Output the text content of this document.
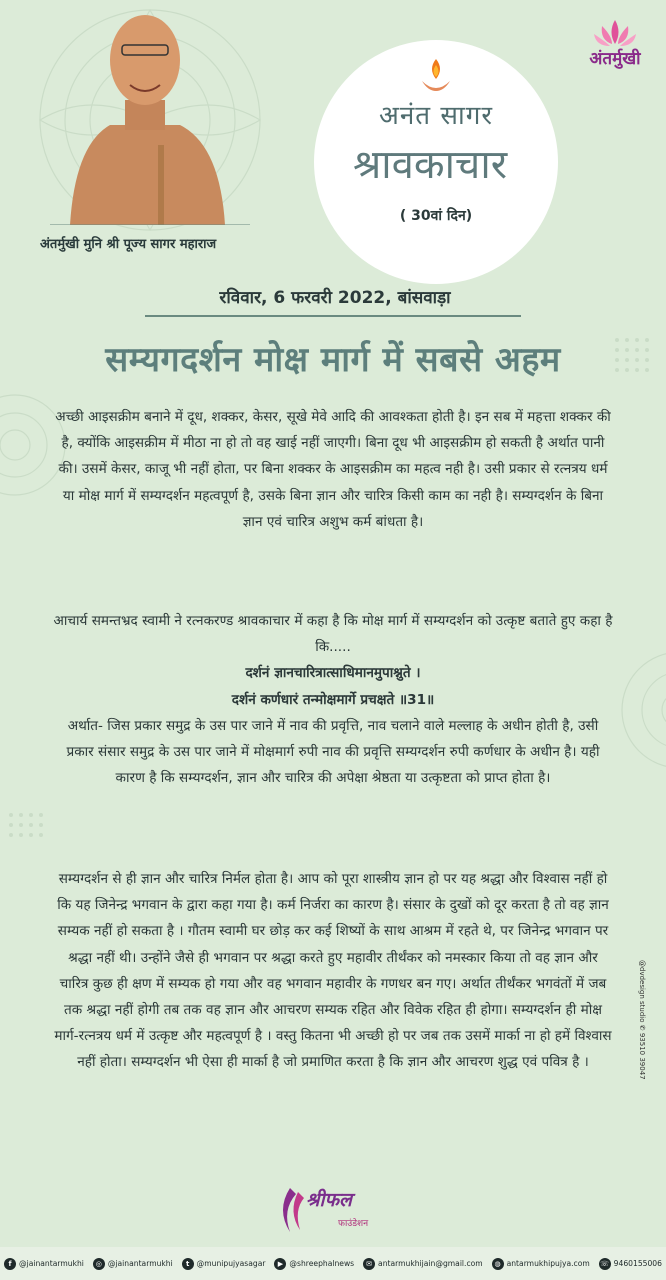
अंतर्मुखी मुनि श्री पूज्य सागर महाराज
अनंत सागर
श्रावकाचार
( 30वां दिन)
अंतर्मुखी
रविवार, 6 फरवरी 2022, बांसवाड़ा
सम्यगदर्शन मोक्ष मार्ग में सबसे अहम
अच्छी आइसक्रीम बनाने में दूध, शक्कर, केसर, सूखे मेवे आदि की आवश्कता होती है। इन सब में महत्ता शक्कर की है, क्योंकि आइसक्रीम में मीठा ना हो तो वह खाई नहीं जाएगी। बिना दूध भी आइसक्रीम हो सकती है अर्थात पानी की। उसमें केसर, काजू भी नहीं होता, पर बिना शक्कर के आइसक्रीम का महत्व नही है। उसी प्रकार से रत्नत्रय धर्म या मोक्ष मार्ग में सम्यग्दर्शन महत्वपूर्ण है, उसके बिना ज्ञान और चारित्र किसी काम का नही है। सम्यग्दर्शन के बिना ज्ञान एवं चारित्र अशुभ कर्म बांधता है।
आचार्य समन्तभ्रद स्वामी ने रत्नकरण्ड श्रावकाचार में कहा है कि मोक्ष मार्ग में सम्यग्दर्शन को उत्कृष्ट बताते हुए कहा है कि.....
दर्शनं ज्ञानचारित्रात्साधिमानमुपाश्नुते ।
दर्शनं कर्णधारं तन्मोक्षमार्गे प्रचक्षते ॥31॥
अर्थात- जिस प्रकार समुद्र के उस पार जाने में नाव की प्रवृत्ति, नाव चलाने वाले मल्लाह के अधीन होती है, उसी प्रकार संसार समुद्र के उस पार जाने में मोक्षमार्ग रुपी नाव की प्रवृत्ति सम्यग्दर्शन रुपी कर्णधार के अधीन है। यही कारण है कि सम्यग्दर्शन, ज्ञान और चारित्र की अपेक्षा श्रेष्ठता या उत्कृष्टता को प्राप्त होता है।
सम्यग्दर्शन से ही ज्ञान और चारित्र निर्मल होता है। आप को पूरा शास्त्रीय ज्ञान हो पर यह श्रद्धा और विश्वास नहीं हो कि यह जिनेन्द्र भगवान के द्वारा कहा गया है। कर्म निर्जरा का कारण है। संसार के दुखों को दूर करता है तो वह ज्ञान सम्यक नहीं हो सकता है । गौतम स्वामी घर छोड़ कर कई शिष्यों के साथ आश्रम में रहते थे, पर जिनेन्द्र भगवान पर श्रद्धा नहीं थी। उन्होंने जैसे ही भगवान पर श्रद्धा करते हुए महावीर तीर्थंकर को नमस्कार किया तो वह ज्ञान और चारित्र कुछ ही क्षण में सम्यक हो गया और वह भगवान महावीर के गणधर बन गए। अर्थात तीर्थंकर भगवंतों में जब तक श्रद्धा नहीं होगी तब तक वह ज्ञान और आचरण सम्यक रहित और विवेक रहित ही होगा। सम्यग्दर्शन ही मोक्ष मार्ग-रत्नत्रय धर्म में उत्कृष्ट और महत्वपूर्ण है । वस्तु कितना भी अच्छी हो पर जब तक उसमें मार्का ना हो हमें विश्वास नहीं होता। सम्यग्दर्शन भी ऐसा ही मार्का है जो प्रमाणित करता है कि ज्ञान और आचरण शुद्ध एवं पवित्र है ।	@dvdesign studio ✆ 93510 39047
श्रीफल
फाउंडेशन
f @jainantarmukhi	◎ @jainantarmukhi	t @munipujyasagar	▶ @shreephalnews	✉ antarmukhijain@gmail.com	◍ antarmukhipujya.com ☏ 9460155006
